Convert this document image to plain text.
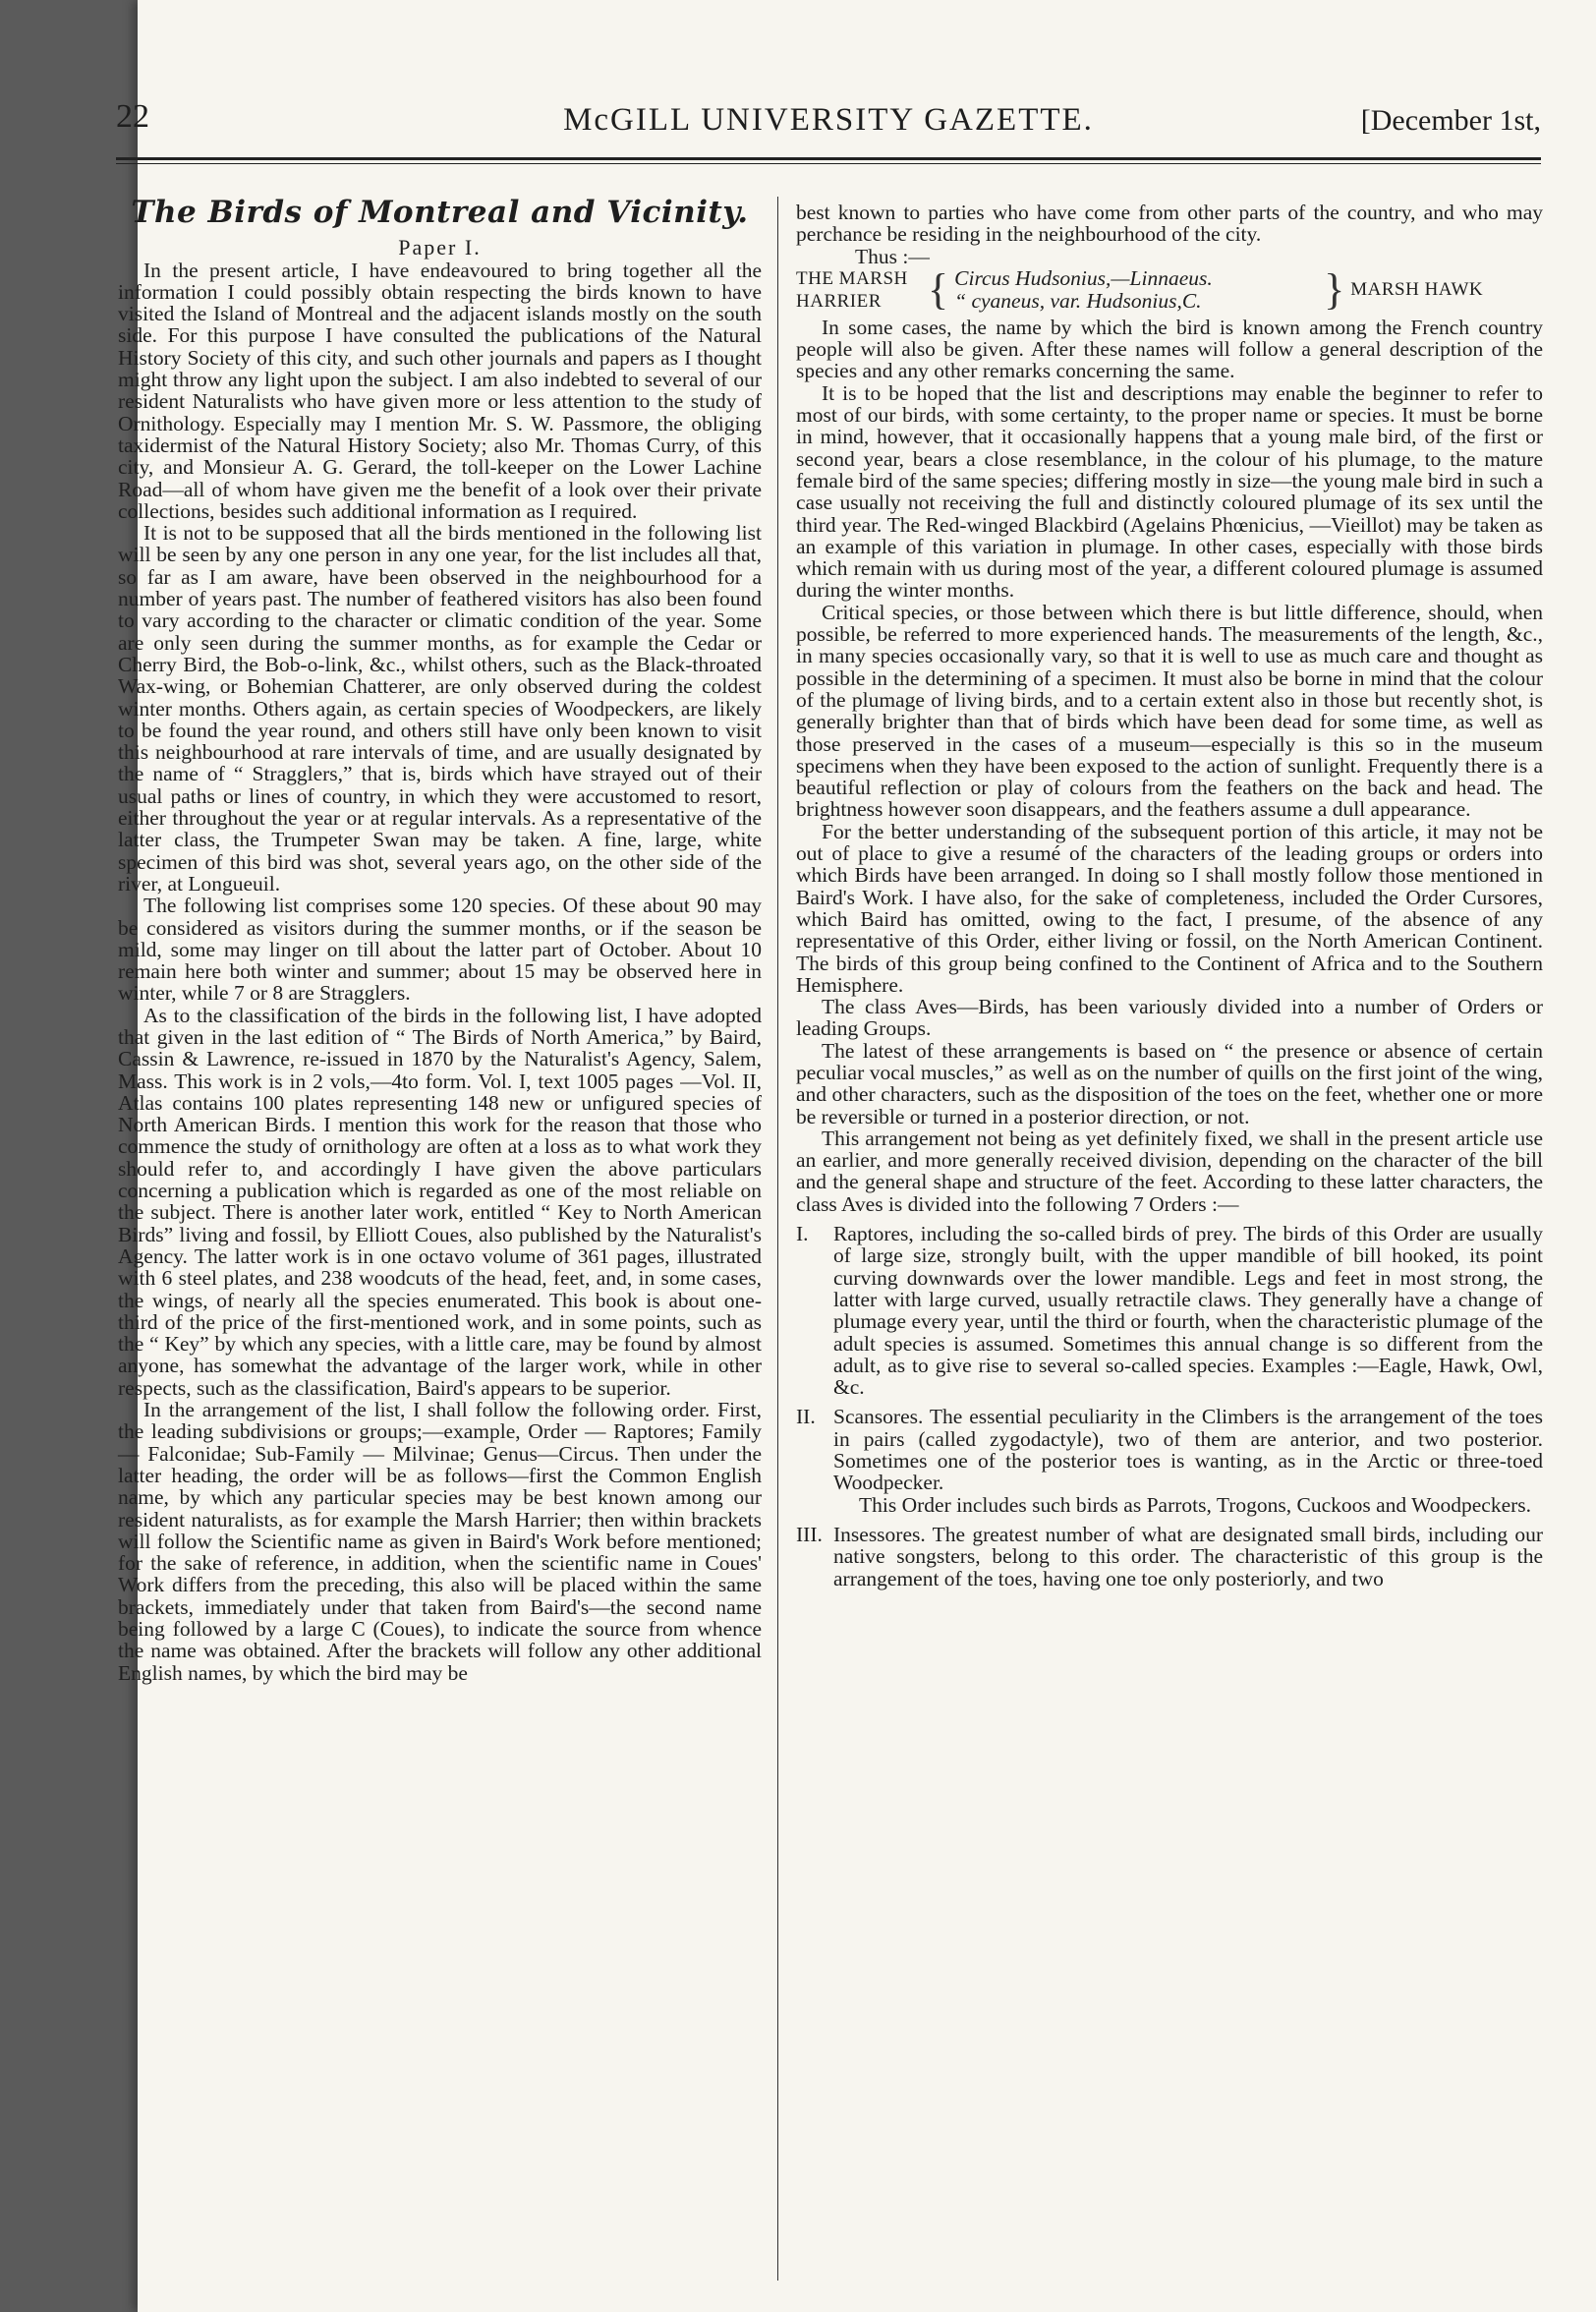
22	McGILL UNIVERSITY GAZETTE.	[December 1st,
The Birds of Montreal and Vicinity.

Paper I.

In the present article, I have endeavoured to bring together all the information I could possibly obtain respecting the birds known to have visited the Island of Montreal and the adjacent islands mostly on the south side. For this purpose I have consulted the publications of the Natural History Society of this city, and such other journals and papers as I thought might throw any light upon the subject. I am also indebted to several of our resident Naturalists who have given more or less attention to the study of Ornithology. Especially may I mention Mr. S. W. Passmore, the obliging taxidermist of the Natural History Society; also Mr. Thomas Curry, of this city, and Monsieur A. G. Gerard, the toll-keeper on the Lower Lachine Road—all of whom have given me the benefit of a look over their private collections, besides such additional information as I required.

It is not to be supposed that all the birds mentioned in the following list will be seen by any one person in any one year, for the list includes all that, so far as I am aware, have been observed in the neighbourhood for a number of years past. The number of feathered visitors has also been found to vary according to the character or climatic condition of the year. Some are only seen during the summer months, as for example the Cedar or Cherry Bird, the Bob-o-link, &c., whilst others, such as the Black-throated Wax-wing, or Bohemian Chatterer, are only observed during the coldest winter months. Others again, as certain species of Woodpeckers, are likely to be found the year round, and others still have only been known to visit this neighbourhood at rare intervals of time, and are usually designated by the name of “ Stragglers,” that is, birds which have strayed out of their usual paths or lines of country, in which they were accustomed to resort, either throughout the year or at regular intervals. As a representative of the latter class, the Trumpeter Swan may be taken. A fine, large, white specimen of this bird was shot, several years ago, on the other side of the river, at Longueuil.

The following list comprises some 120 species. Of these about 90 may be considered as visitors during the summer months, or if the season be mild, some may linger on till about the latter part of October. About 10 remain here both winter and summer; about 15 may be observed here in winter, while 7 or 8 are Stragglers.

As to the classification of the birds in the following list, I have adopted that given in the last edition of “ The Birds of North America,” by Baird, Cassin & Lawrence, re-issued in 1870 by the Naturalist's Agency, Salem, Mass. This work is in 2 vols,—4to form. Vol. I, text 1005 pages —Vol. II, Atlas contains 100 plates representing 148 new or unfigured species of North American Birds. I mention this work for the reason that those who commence the study of ornithology are often at a loss as to what work they should refer to, and accordingly I have given the above particulars concerning a publication which is regarded as one of the most reliable on the subject. There is another later work, entitled “ Key to North American Birds” living and fossil, by Elliott Coues, also published by the Naturalist's Agency. The latter work is in one octavo volume of 361 pages, illustrated with 6 steel plates, and 238 woodcuts of the head, feet, and, in some cases, the wings, of nearly all the species enumerated. This book is about one-third of the price of the first-mentioned work, and in some points, such as the “ Key” by which any species, with a little care, may be found by almost anyone, has somewhat the advantage of the larger work, while in other respects, such as the classification, Baird's appears to be superior.

In the arrangement of the list, I shall follow the following order. First, the leading subdivisions or groups;—example, Order — Raptores; Family — Falconidae; Sub-Family — Milvinae; Genus—Circus. Then under the latter heading, the order will be as follows—first the Common English name, by which any particular species may be best known among our resident naturalists, as for example the Marsh Harrier; then within brackets will follow the Scientific name as given in Baird's Work before mentioned; for the sake of reference, in addition, when the scientific name in Coues' Work differs from the preceding, this also will be placed within the same brackets, immediately under that taken from Baird's—the second name being followed by a large C (Coues), to indicate the source from whence the name was obtained. After the brackets will follow any other additional English names, by which the bird may be

best known to parties who have come from other parts of the country, and who may perchance be residing in the neighbourhood of the city.

Thus :—

THE MARSH
HARRIER	{ Circus Hudsonius,—Linnaeus.
“ cyaneus, var. Hudsonius,C.	} MARSH HAWK

In some cases, the name by which the bird is known among the French country people will also be given. After these names will follow a general description of the species and any other remarks concerning the same.

It is to be hoped that the list and descriptions may enable the beginner to refer to most of our birds, with some certainty, to the proper name or species. It must be borne in mind, however, that it occasionally happens that a young male bird, of the first or second year, bears a close resemblance, in the colour of his plumage, to the mature female bird of the same species; differing mostly in size—the young male bird in such a case usually not receiving the full and distinctly coloured plumage of its sex until the third year. The Red-winged Blackbird (Agelains Phœnicius, —Vieillot) may be taken as an example of this variation in plumage. In other cases, especially with those birds which remain with us during most of the year, a different coloured plumage is assumed during the winter months.

Critical species, or those between which there is but little difference, should, when possible, be referred to more experienced hands. The measurements of the length, &c., in many species occasionally vary, so that it is well to use as much care and thought as possible in the determining of a specimen. It must also be borne in mind that the colour of the plumage of living birds, and to a certain extent also in those but recently shot, is generally brighter than that of birds which have been dead for some time, as well as those preserved in the cases of a museum—especially is this so in the museum specimens when they have been exposed to the action of sunlight. Frequently there is a beautiful reflection or play of colours from the feathers on the back and head. The brightness however soon disappears, and the feathers assume a dull appearance.

For the better understanding of the subsequent portion of this article, it may not be out of place to give a resumé of the characters of the leading groups or orders into which Birds have been arranged. In doing so I shall mostly follow those mentioned in Baird's Work. I have also, for the sake of completeness, included the Order Cursores, which Baird has omitted, owing to the fact, I presume, of the absence of any representative of this Order, either living or fossil, on the North American Continent. The birds of this group being confined to the Continent of Africa and to the Southern Hemisphere.

The class Aves—Birds, has been variously divided into a number of Orders or leading Groups.

The latest of these arrangements is based on “ the presence or absence of certain peculiar vocal muscles,” as well as on the number of quills on the first joint of the wing, and other characters, such as the disposition of the toes on the feet, whether one or more be reversible or turned in a posterior direction, or not.

This arrangement not being as yet definitely fixed, we shall in the present article use an earlier, and more generally received division, depending on the character of the bill and the general shape and structure of the feet. According to these latter characters, the class Aves is divided into the following 7 Orders :—

I. Raptores, including the so-called birds of prey. The birds of this Order are usually of large size, strongly built, with the upper mandible of bill hooked, its point curving downwards over the lower mandible. Legs and feet in most strong, the latter with large curved, usually retractile claws. They generally have a change of plumage every year, until the third or fourth, when the characteristic plumage of the adult species is assumed. Sometimes this annual change is so different from the adult, as to give rise to several so-called species. Examples :—Eagle, Hawk, Owl, &c.
II. Scansores. The essential peculiarity in the Climbers is the arrangement of the toes in pairs (called zygodactyle), two of them are anterior, and two posterior. Sometimes one of the posterior toes is wanting, as in the Arctic or three-toed Woodpecker.

This Order includes such birds as Parrots, Trogons, Cuckoos and Woodpeckers.

III. Insessores. The greatest number of what are designated small birds, including our native songsters, belong to this order. The characteristic of this group is the arrangement of the toes, having one toe only posteriorly, and two
